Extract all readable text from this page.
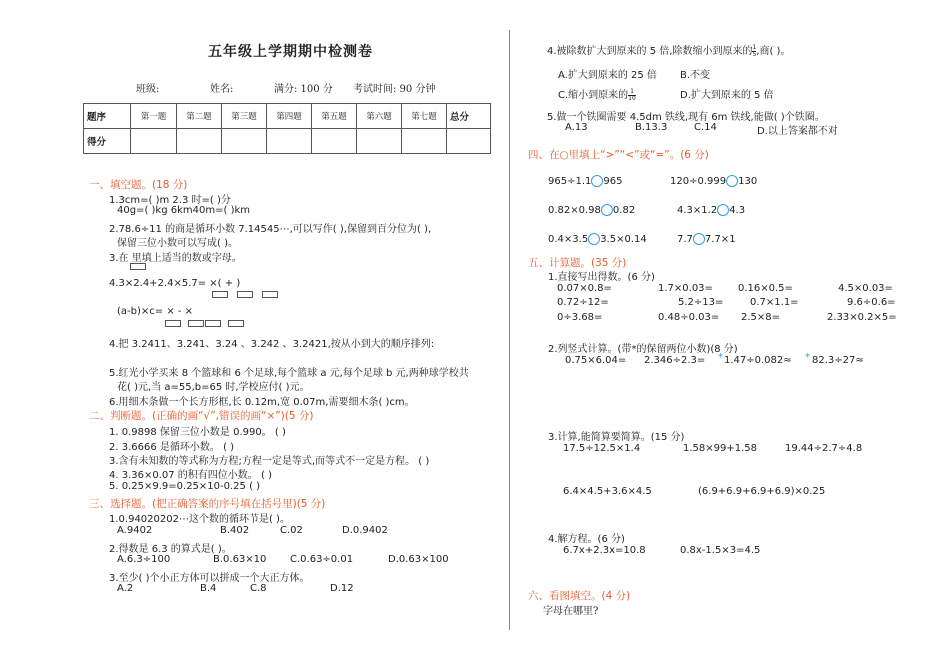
五年级上学期期中检测卷
班级:	姓名:	满分: 100 分 考试时间: 90 分钟
题序	第一题	第二题	第三题	第四题	第五题	第六题	第七题	总分
得分								
一、填空题。(18 分)
1.3cm=( )m 2.3 时=( )分
40g=( )kg 6km40m=( )km
2.78.6÷11 的商是循环小数 7.14545⋯,可以写作( ),保留到百分位为( ),
保留三位小数可以写成( )。
3.在 里填上适当的数或字母。
4.3×2.4+2.4×5.7= ×( + )
(a-b)×c= × - ×
4.把 3.2411、3.241、3.24 、3.242 、3.2421,按从小到大的顺序排列:
5.红光小学买来 8 个篮球和 6 个足球,每个篮球 a 元,每个足球 b 元,两种球学校共
花( )元,当 a=55,b=65 时,学校应付( )元。
6.用细木条做一个长方形框,长 0.12m,宽 0.07m,需要细木条( )cm。
二、判断题。(正确的画“√”,错误的画“×”)(5 分)
1. 0.9898 保留三位小数是 0.990。 ( )
2. 3.6666 是循环小数。 ( )
3.含有未知数的等式称为方程;方程一定是等式,而等式不一定是方程。 ( )
4. 3.36×0.07 的积有四位小数。 ( )
5. 0.25×9.9=0.25×10-0.25 ( )
三、选择题。(把正确答案的序号填在括号里)(5 分)
1.0.94020202⋯这个数的循环节是( )。
A.9402	B.402	C.02	D.0.9402
2.得数是 6.3 的算式是( )。
A.6.3÷100	B.0.63×10 C.0.63÷0.01	D.0.63×100
3.至少( )个小正方体可以拼成一个大正方体。
A.2	B.4	C.8	D.12
4.被除数扩大到原来的 5 倍,除数缩小到原来的 $\frac{1}{5}$ ,商( )。
A.扩大到原来的 25 倍 B.不变
C.缩小到原来的 $\frac{1}{10}$	D.扩大到原来的 5 倍
5.做一个铁圈需要 4.5dm 铁线,现有 6m 铁线,能做( )个铁圈。
A.13	B.13.3	C.14	D.以上答案都不对
四、在○里填上“>”“<”或“=”。(6 分)
965÷1.1 965	120÷0.999 130
0.82×0.98 0.82	4.3×1.2 4.3
0.4×3.5 3.5×0.14	7.7 7.7×1
五、计算题。(35 分)
1.直接写出得数。(6 分)
0.07×0.8=	1.7×0.03=	0.16×0.5=	4.5×0.03=
0.72÷12=	5.2÷13=	0.7×1.1=	9.6÷0.6=
0÷3.68=	0.48÷0.03= 2.5×8=	2.33×0.2×5=
2.列竖式计算。(带*的保留两位小数)(8 分)
0.75×6.04= 2.346÷2.3= * 1.47÷0.082≈ * 82.3÷27≈
3.计算,能简算要简算。(15 分)
17.5÷12.5×1.4	1.58×99+1.58	19.44÷2.7÷4.8
6.4×4.5+3.6×4.5	(6.9+6.9+6.9+6.9)×0.25
4.解方程。(6 分)
6.7x+2.3x=10.8	0.8x-1.5×3=4.5
六、看图填空。(4 分)
字母在哪里?
